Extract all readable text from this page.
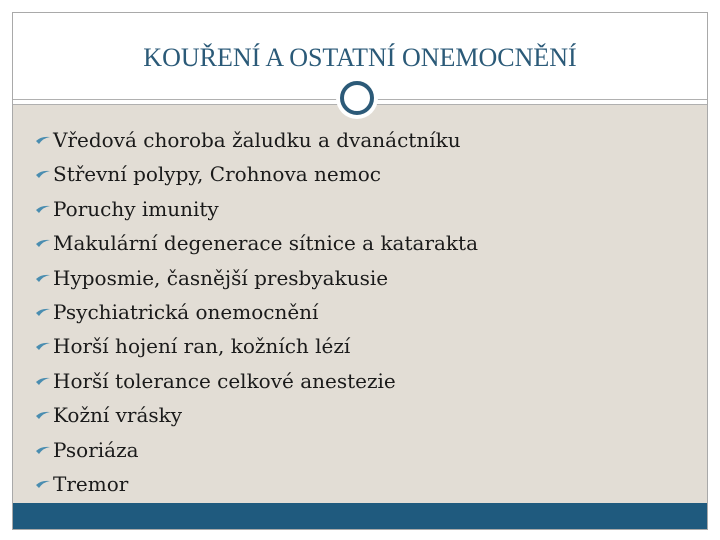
KOUŘENÍ A OSTATNÍ ONEMOCNĚNÍ
Vředová choroba žaludku a dvanáctníku
Střevní polypy, Crohnova nemoc
Poruchy imunity
Makulární degenerace sítnice a katarakta
Hyposmie, časnější presbyakusie
Psychiatrická onemocnění
Horší hojení ran, kožních lézí
Horší tolerance celkové anestezie
Kožní vrásky
Psoriáza
Tremor
